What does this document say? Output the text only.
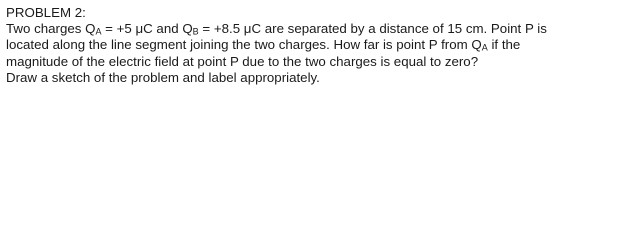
PROBLEM 2:
Two charges $Q_A = +5$ μC and $Q_B = +8.5$ μC are separated by a distance of 15 cm. Point P is
located along the line segment joining the two charges. How far is point P from $Q_A$ if the
magnitude of the electric field at point P due to the two charges is equal to zero?
Draw a sketch of the problem and label appropriately.
